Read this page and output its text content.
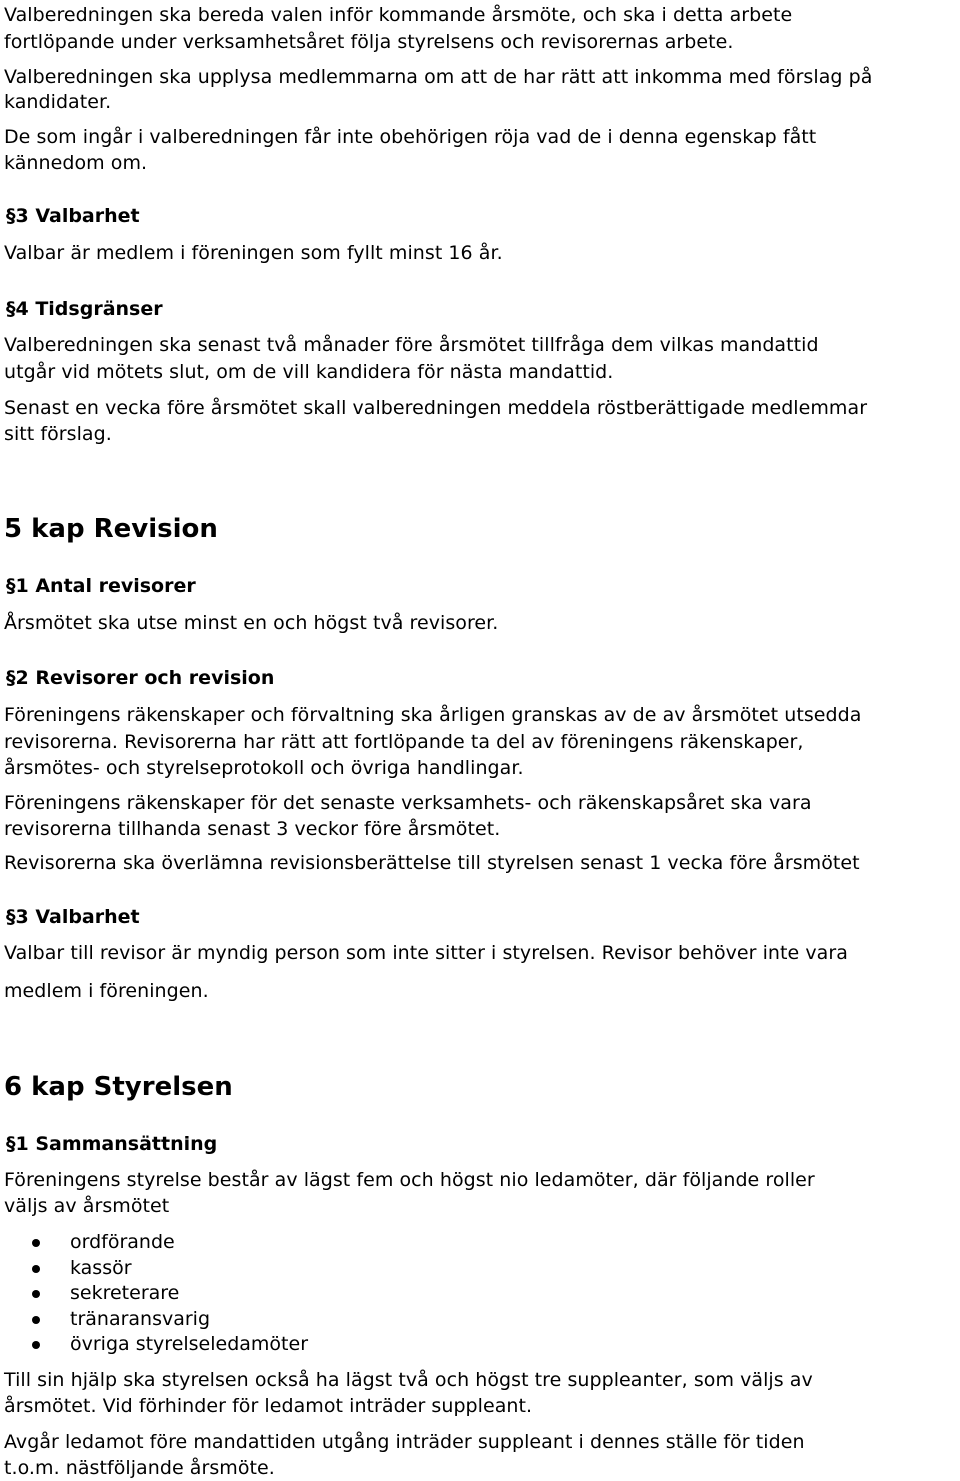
Valberedningen ska bereda valen inför kommande årsmöte, och ska i detta arbete
fortlöpande under verksamhetsåret följa styrelsens och revisorernas arbete.
Valberedningen ska upplysa medlemmarna om att de har rätt att inkomma med förslag på
kandidater.
De som ingår i valberedningen får inte obehörigen röja vad de i denna egenskap fått
kännedom om.
§3 Valbarhet
Valbar är medlem i föreningen som fyllt minst 16 år.
§4 Tidsgränser
Valberedningen ska senast två månader före årsmötet tillfråga dem vilkas mandattid
utgår vid mötets slut, om de vill kandidera för nästa mandattid.
Senast en vecka före årsmötet skall valberedningen meddela röstberättigade medlemmar
sitt förslag.
5 kap Revision
§1 Antal revisorer
Årsmötet ska utse minst en och högst två revisorer.
§2 Revisorer och revision
Föreningens räkenskaper och förvaltning ska årligen granskas av de av årsmötet utsedda
revisorerna. Revisorerna har rätt att fortlöpande ta del av föreningens räkenskaper,
årsmötes- och styrelseprotokoll och övriga handlingar.
Föreningens räkenskaper för det senaste verksamhets- och räkenskapsåret ska vara
revisorerna tillhanda senast 3 veckor före årsmötet.
Revisorerna ska överlämna revisionsberättelse till styrelsen senast 1 vecka före årsmötet
§3 Valbarhet
Valbar till revisor är myndig person som inte sitter i styrelsen. Revisor behöver inte vara
medlem i föreningen.
6 kap Styrelsen
§1 Sammansättning
Föreningens styrelse består av lägst fem och högst nio ledamöter, där följande roller
väljs av årsmötet
ordförande
kassör
sekreterare
tränaransvarig
övriga styrelseledamöter
Till sin hjälp ska styrelsen också ha lägst två och högst tre suppleanter, som väljs av
årsmötet. Vid förhinder för ledamot inträder suppleant.
Avgår ledamot före mandattiden utgång inträder suppleant i dennes ställe för tiden
t.o.m. nästföljande årsmöte.
